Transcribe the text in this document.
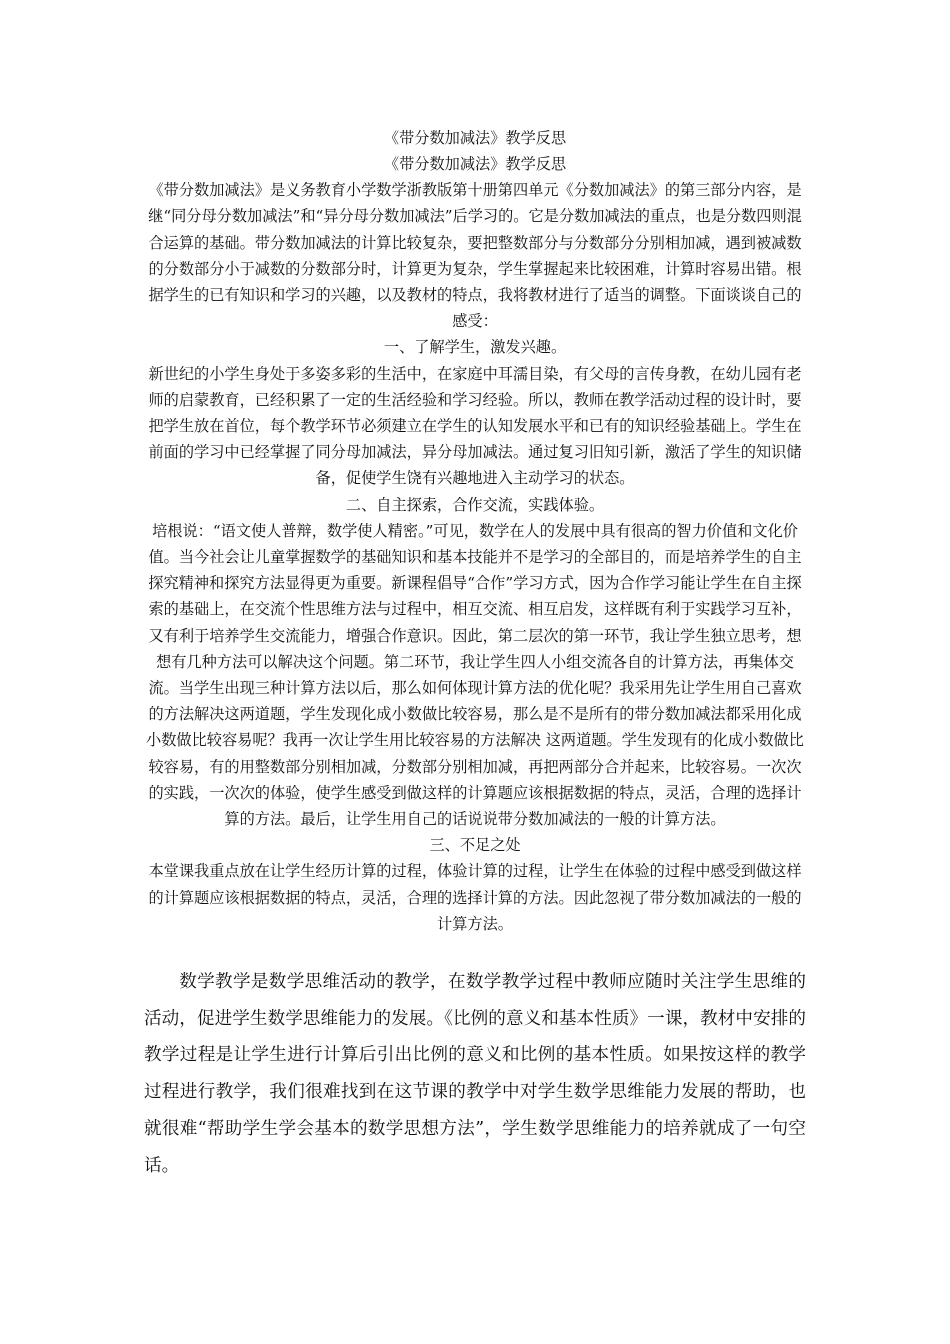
《带分数加减法》教学反思

《带分数加减法》教学反思

《带分数加减法》是义务教育小学数学浙教版第十册第四单元《分数加减法》的第三部分内容，是继“同分母分数加减法”和“异分母分数加减法”后学习的。它是分数加减法的重点，也是分数四则混合运算的基础。带分数加减法的计算比较复杂，要把整数部分与分数部分分别相加减，遇到被减数的分数部分小于减数的分数部分时，计算更为复杂，学生掌握起来比较困难，计算时容易出错。根据学生的已有知识和学习的兴趣，以及教材的特点，我将教材进行了适当的调整。下面谈谈自己的感受：

一、了解学生，激发兴趣。

新世纪的小学生身处于多姿多彩的生活中，在家庭中耳濡目染，有父母的言传身教，在幼儿园有老师的启蒙教育，已经积累了一定的生活经验和学习经验。所以，教师在教学活动过程的设计时，要把学生放在首位，每个教学环节必须建立在学生的认知发展水平和已有的知识经验基础上。学生在前面的学习中已经掌握了同分母加减法，异分母加减法。通过复习旧知引新，激活了学生的知识储备，促使学生饶有兴趣地进入主动学习的状态。

二、自主探索，合作交流，实践体验。

培根说：“语文使人普辩，数学使人精密。”可见，数学在人的发展中具有很高的智力价值和文化价值。当今社会让儿童掌握数学的基础知识和基本技能并不是学习的全部目的，而是培养学生的自主探究精神和探究方法显得更为重要。新课程倡导“合作”学习方式，因为合作学习能让学生在自主探索的基础上，在交流个性思维方法与过程中，相互交流、相互启发，这样既有利于实践学习互补，又有利于培养学生交流能力，增强合作意识。因此，第二层次的第一环节，我让学生独立思考，想想有几种方法可以解决这个问题。第二环节，我让学生四人小组交流各自的计算方法，再集体交流。当学生出现三种计算方法以后，那么如何体现计算方法的优化呢？我采用先让学生用自己喜欢的方法解决这两道题，学生发现化成小数做比较容易，那么是不是所有的带分数加减法都采用化成小数做比较容易呢？我再一次让学生用比较容易的方法解决 这两道题。学生发现有的化成小数做比较容易，有的用整数部分别相加减，分数部分别相加减，再把两部分合并起来，比较容易。一次次的实践，一次次的体验，使学生感受到做这样的计算题应该根据数据的特点，灵活，合理的选择计算的方法。最后，让学生用自己的话说说带分数加减法的一般的计算方法。

三、不足之处

本堂课我重点放在让学生经历计算的过程，体验计算的过程，让学生在体验的过程中感受到做这样的计算题应该根据数据的特点，灵活，合理的选择计算的方法。因此忽视了带分数加减法的一般的计算方法。

数学教学是数学思维活动的教学，在数学教学过程中教师应随时关注学生思维的活动，促进学生数学思维能力的发展。《比例的意义和基本性质》一课，教材中安排的教学过程是让学生进行计算后引出比例的意义和比例的基本性质。如果按这样的教学过程进行教学，我们很难找到在这节课的教学中对学生数学思维能力发展的帮助，也就很难“帮助学生学会基本的数学思想方法”，学生数学思维能力的培养就成了一句空话。
